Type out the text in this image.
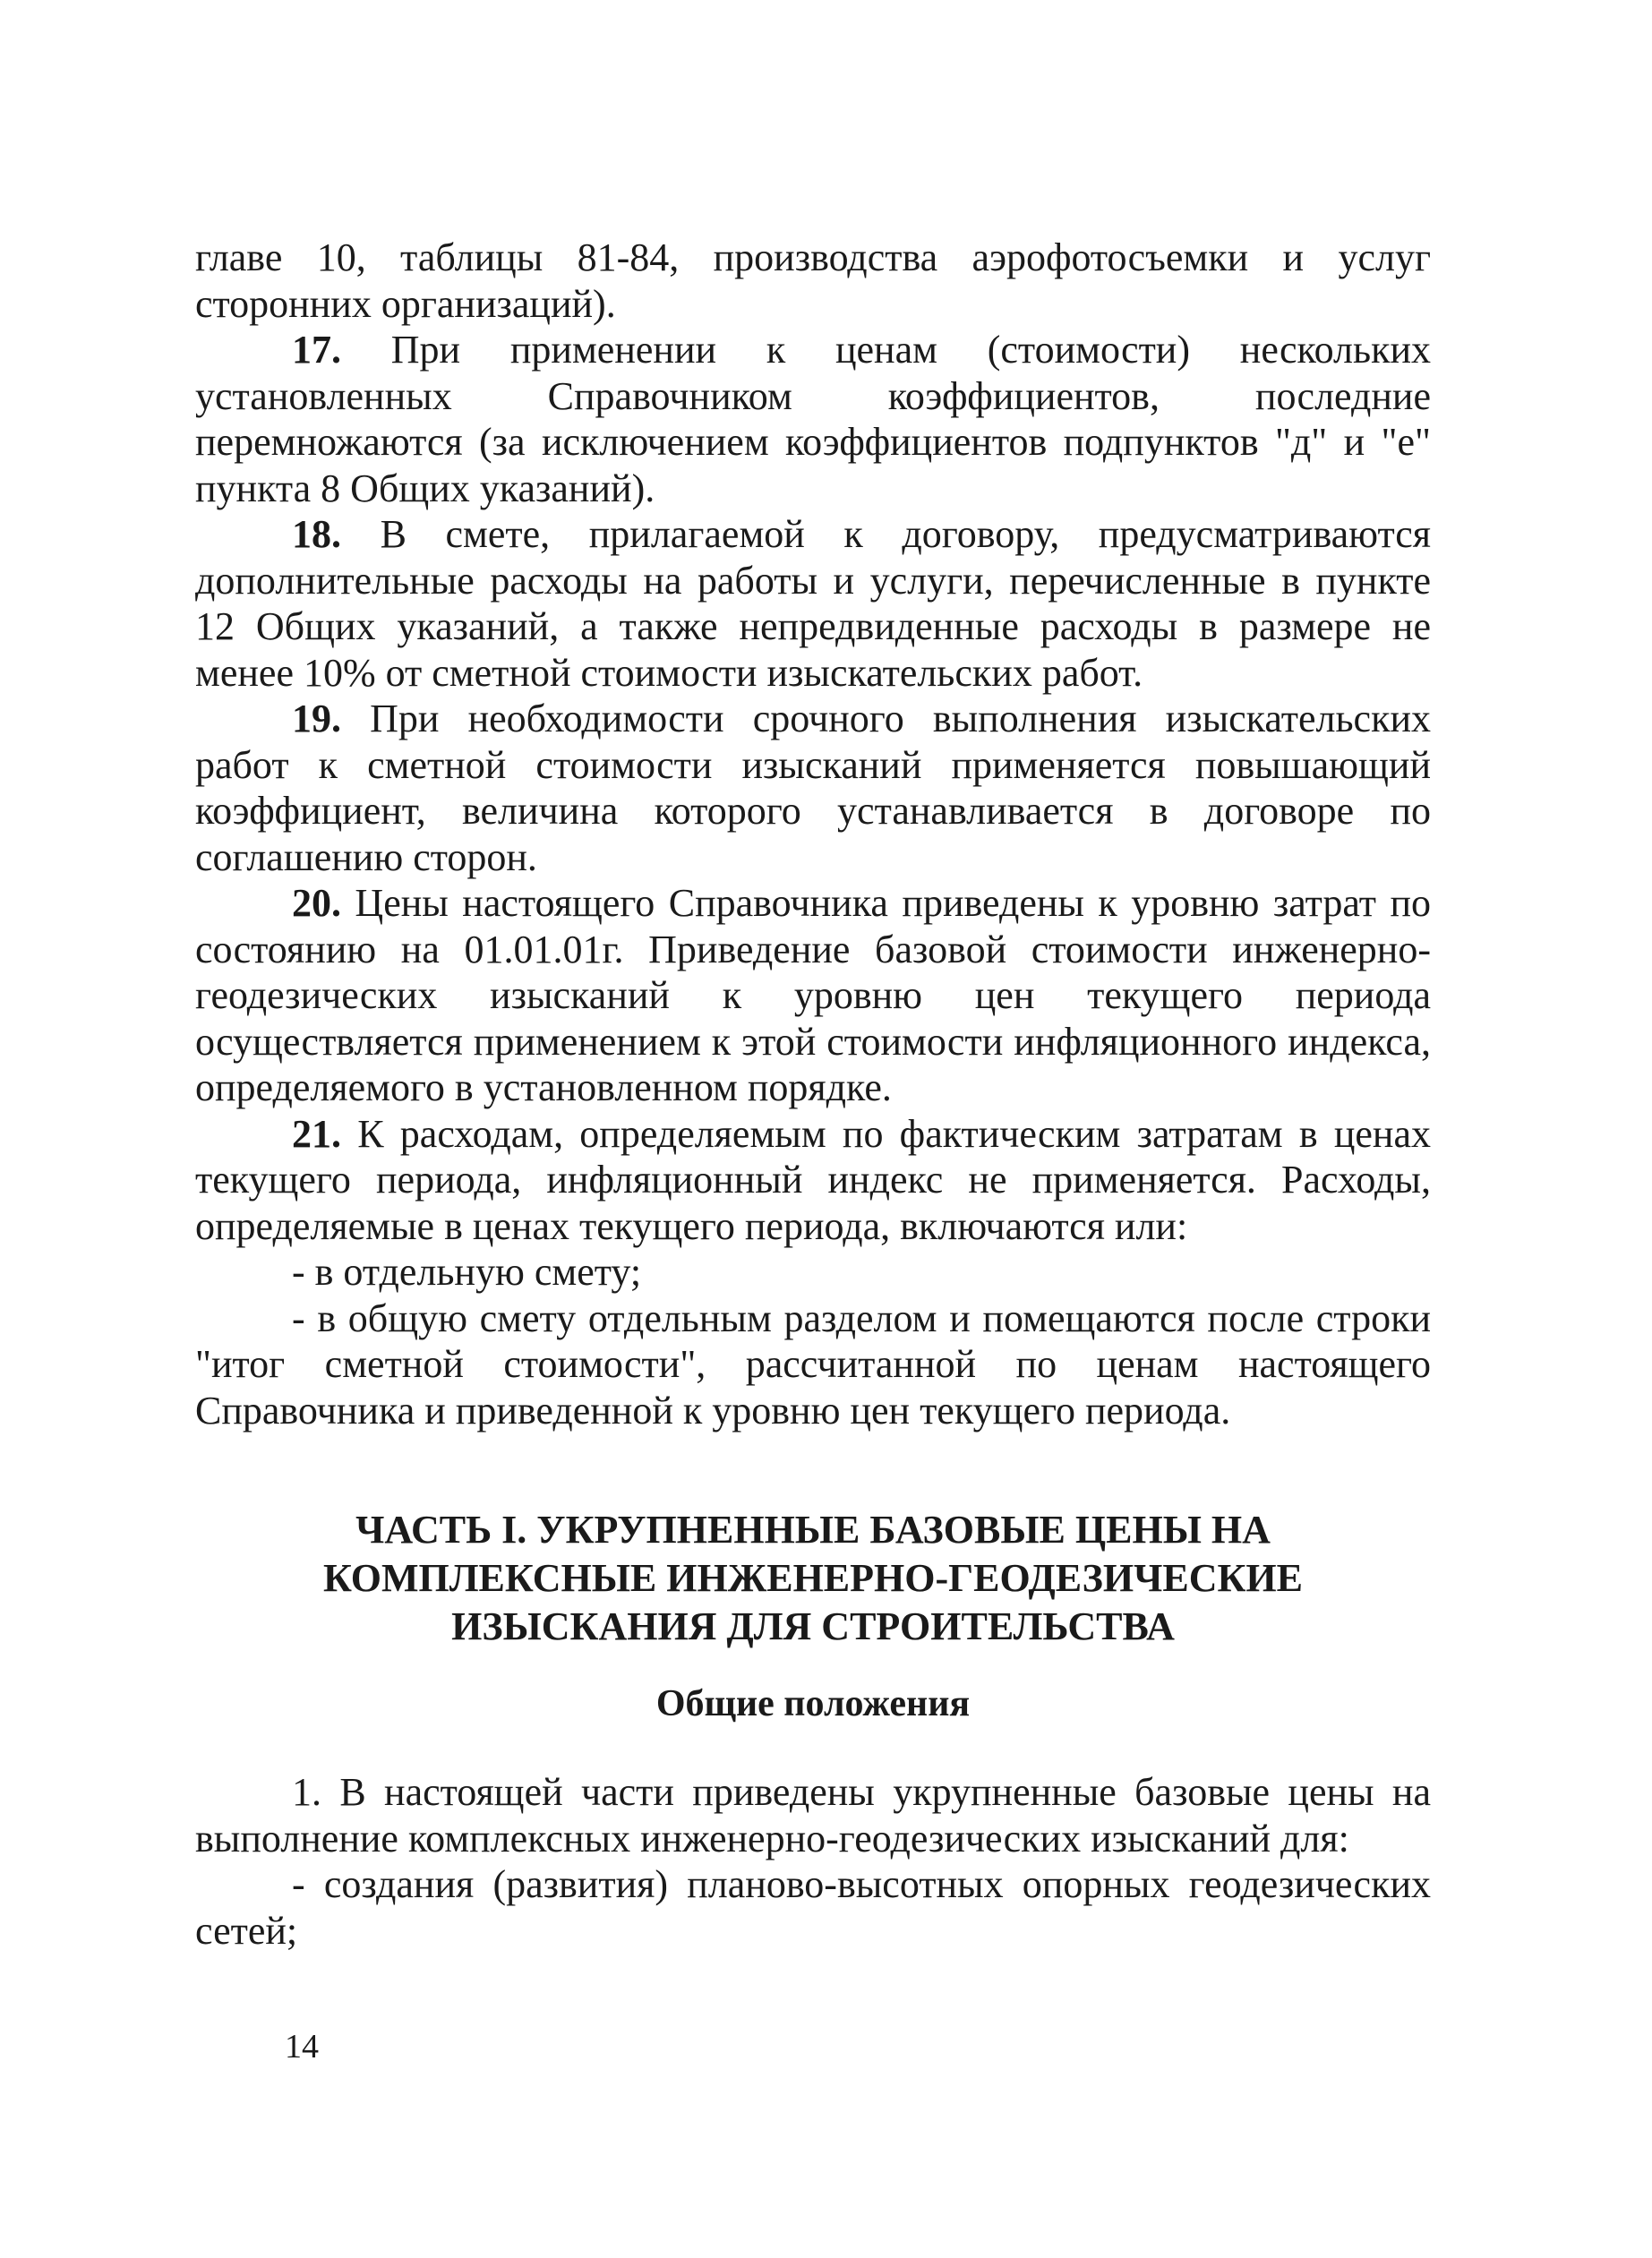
главе 10, таблицы 81-84, производства аэрофотосъемки и услуг сторонних организаций).

17. При применении к ценам (стоимости) нескольких установленных Справочником коэффициентов, последние перемножаются (за исключением коэффициентов подпунктов "д" и "е" пункта 8 Общих указаний).

18. В смете, прилагаемой к договору, предусматриваются дополнительные расходы на работы и услуги, перечисленные в пункте 12 Общих указаний, а также непредвиденные расходы в размере не менее 10% от сметной стоимости изыскательских работ.

19. При необходимости срочного выполнения изыскательских работ к сметной стоимости изысканий применяется повышающий коэффициент, величина которого устанавливается в договоре по соглашению сторон.

20. Цены настоящего Справочника приведены к уровню затрат по состоянию на 01.01.01г. Приведение базовой стоимости инженерно-геодезических изысканий к уровню цен текущего периода осуществляется применением к этой стоимости инфляционного индекса, определяемого в установленном порядке.

21. К расходам, определяемым по фактическим затратам в ценах текущего периода, инфляционный индекс не применяется. Расходы, определяемые в ценах текущего периода, включаются или:

- в отдельную смету;

- в общую смету отдельным разделом и помещаются после строки "итог сметной стоимости", рассчитанной по ценам настоящего Справочника и приведенной к уровню цен текущего периода.

ЧАСТЬ I. УКРУПНЕННЫЕ БАЗОВЫЕ ЦЕНЫ НА

КОМПЛЕКСНЫЕ ИНЖЕНЕРНО-ГЕОДЕЗИЧЕСКИЕ

ИЗЫСКАНИЯ ДЛЯ СТРОИТЕЛЬСТВА

Общие положения

1. В настоящей части приведены укрупненные базовые цены на выполнение комплексных инженерно-геодезических изысканий для:

- создания (развития) планово-высотных опорных геодезических сетей;

14
